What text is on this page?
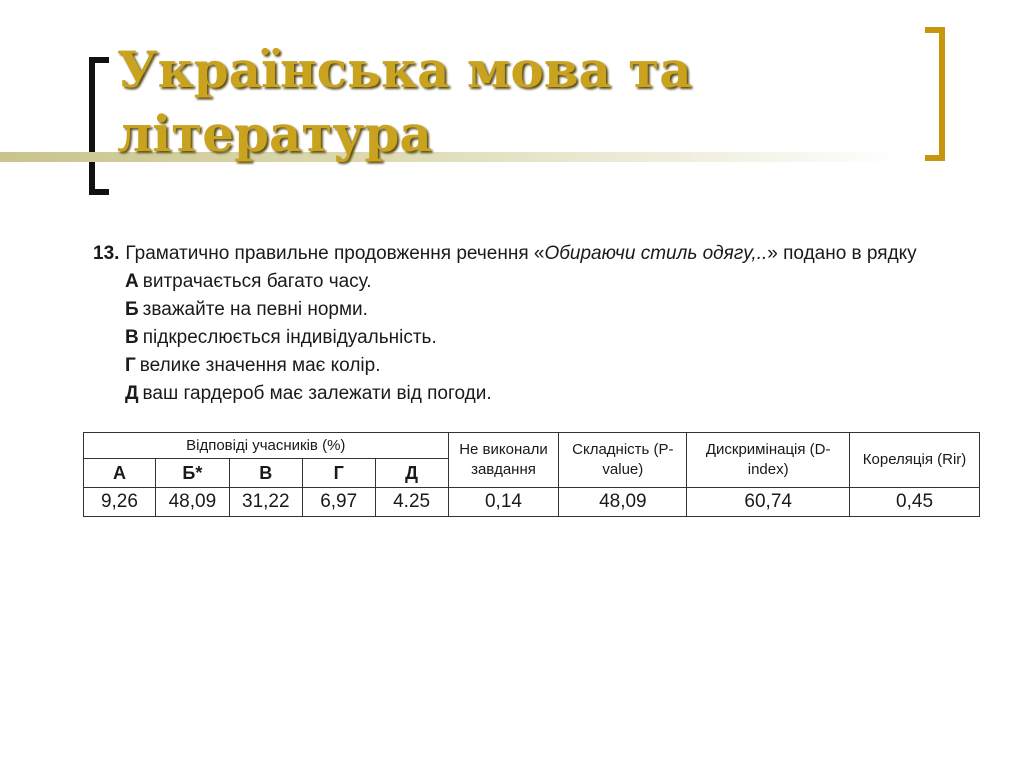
Українська мова та
література
13. Граматично правильне продовження речення «Обираючи стиль одягу,..» подано в рядку
А витрачається багато часу.
Б зважайте на певні норми.
В підкреслюється індивідуальність.
Г велике значення має колір.
Д ваш гардероб має залежати від погоди.
Відповіді учасників (%)					Не виконали завдання	Складність (P-value)	Дискримінація (D-index)	Кореляція (Rir)
А	Б*	В	Г	Д				
9,26	48,09	31,22	6,97	4.25	0,14	48,09	60,74	0,45
